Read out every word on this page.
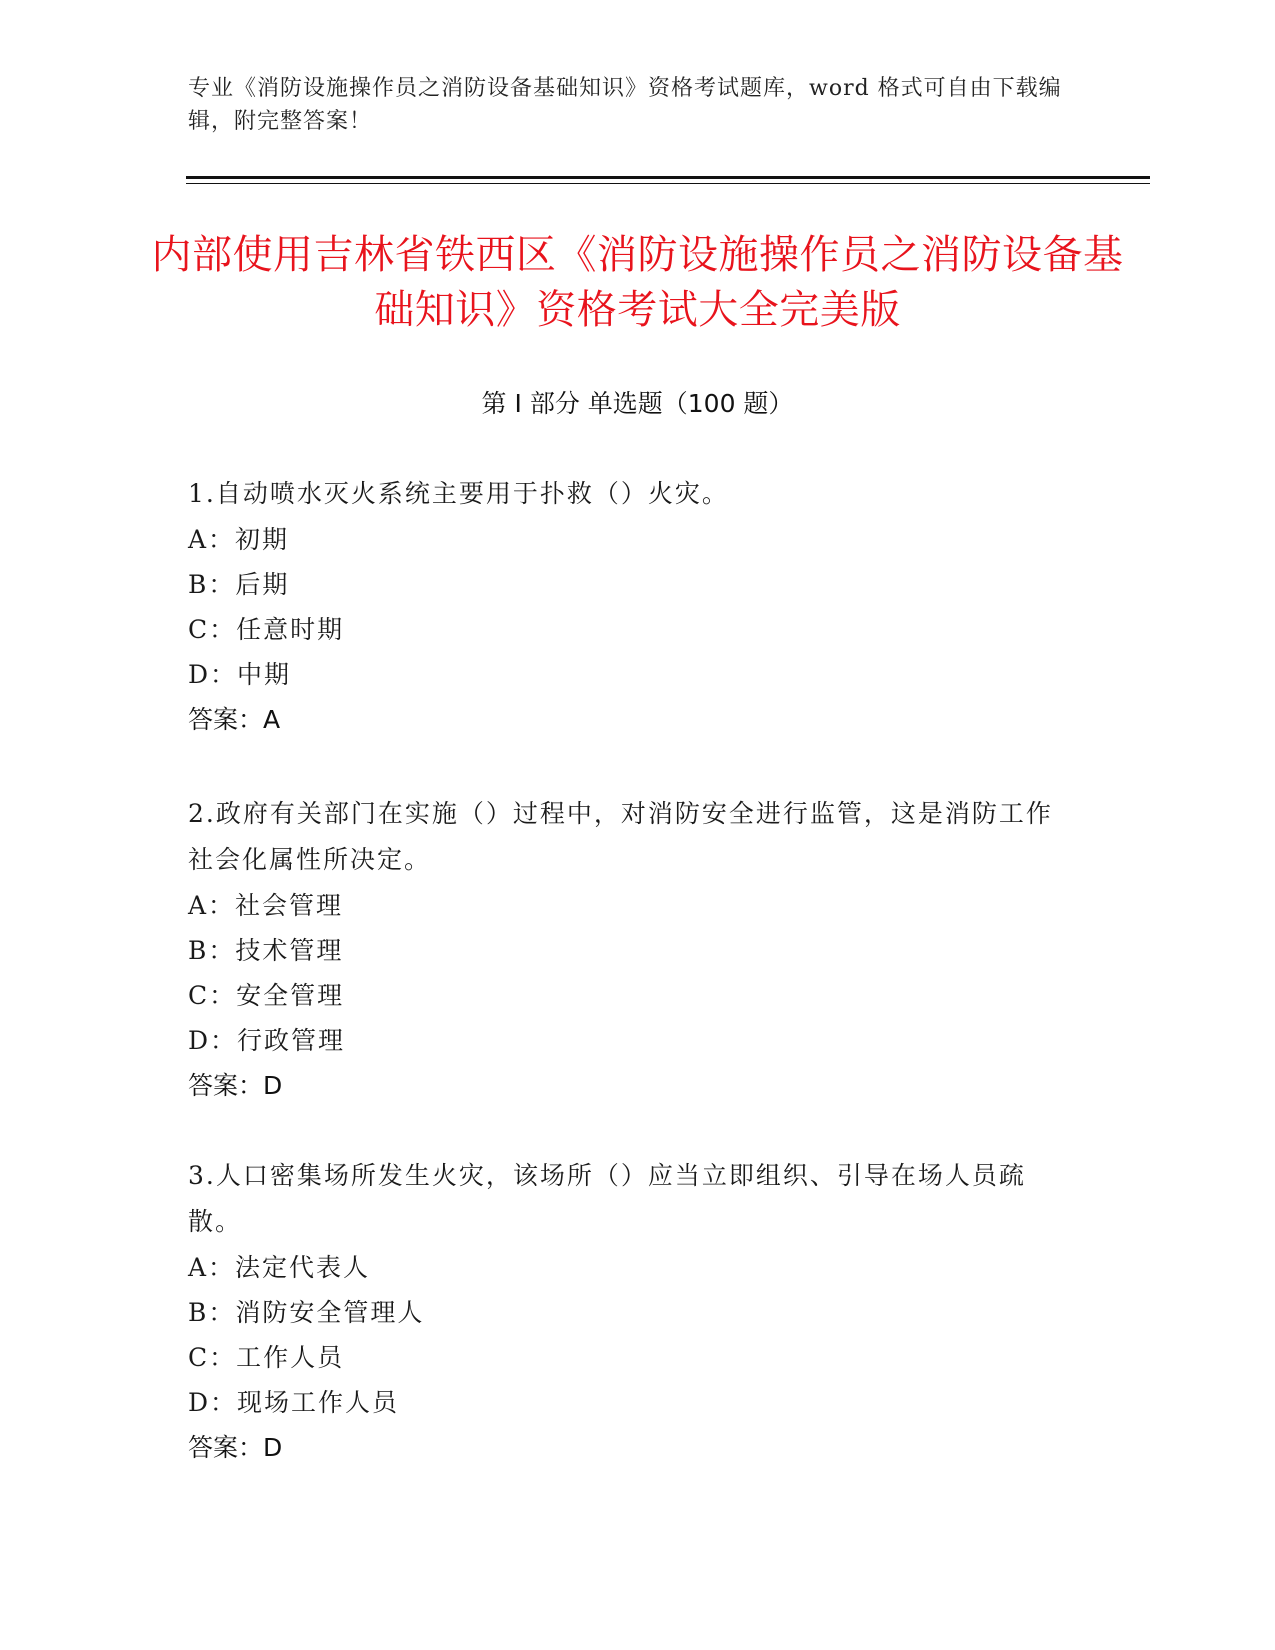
专业《消防设施操作员之消防设备基础知识》资格考试题库，word 格式可自由下载编辑，附完整答案！
内部使用吉林省铁西区《消防设施操作员之消防设备基础知识》资格考试大全完美版
第 I 部分 单选题（100 题）
1.自动喷水灭火系统主要用于扑救（）火灾。
A：初期
B：后期
C：任意时期
D：中期
答案：A
2.政府有关部门在实施（）过程中，对消防安全进行监管，这是消防工作社会化属性所决定。
A：社会管理
B：技术管理
C：安全管理
D：行政管理
答案：D
3.人口密集场所发生火灾，该场所（）应当立即组织、引导在场人员疏散。
A：法定代表人
B：消防安全管理人
C：工作人员
D：现场工作人员
答案：D
